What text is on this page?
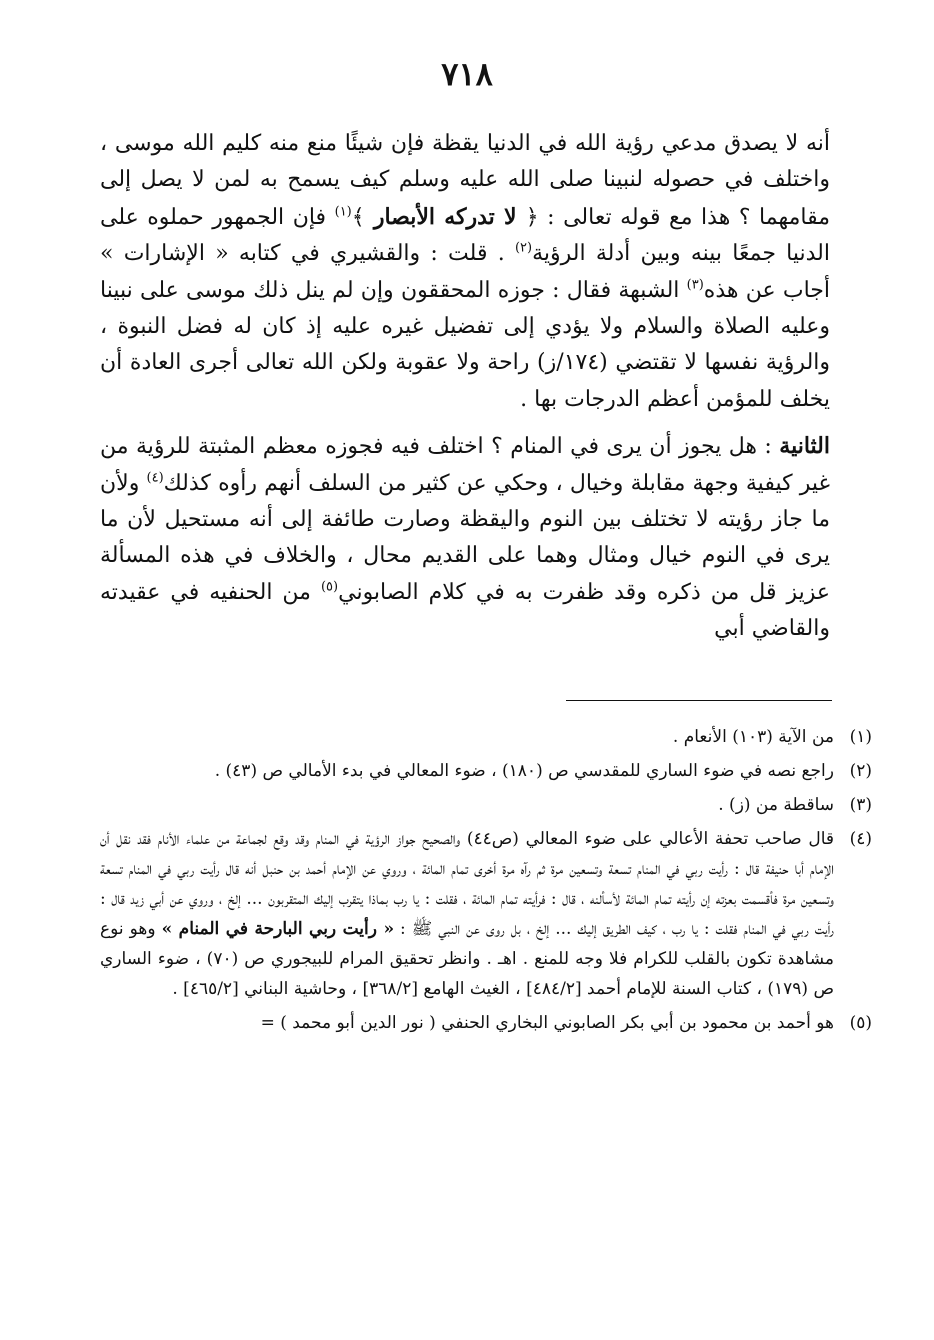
٧١٨

أنه لا يصدق مدعي رؤية الله في الدنيا يقظة فإن شيئًا منع منه كليم الله موسى ، واختلف في حصوله لنبينا صلى الله عليه وسلم كيف يسمح به لمن لا يصل إلى مقامهما ؟ هذا مع قوله تعالى : ﴿ لا تدركه الأبصار ﴾$^{(١)}$ فإن الجمهور حملوه على الدنيا جمعًا بينه وبين أدلة الرؤية$^{(٢)}$ . قلت : والقشيري في كتابه « الإشارات » أجاب عن هذه$^{(٣)}$ الشبهة فقال : جوزه المحققون وإن لم ينل ذلك موسى على نبينا وعليه الصلاة والسلام ولا يؤدي إلى تفضيل غيره عليه إذ كان له فضل النبوة ، والرؤية نفسها لا تقتضي (١٧٤/ز) راحة ولا عقوبة ولكن الله تعالى أجرى العادة أن يخلف للمؤمن أعظم الدرجات بها .

الثانية : هل يجوز أن يرى في المنام ؟ اختلف فيه فجوزه معظم المثبتة للرؤية من غير كيفية وجهة مقابلة وخيال ، وحكي عن كثير من السلف أنهم رأوه كذلك$^{(٤)}$ ولأن ما جاز رؤيته لا تختلف بين النوم واليقظة وصارت طائفة إلى أنه مستحيل لأن ما يرى في النوم خيال ومثال وهما على القديم محال ، والخلاف في هذه المسألة عزيز قل من ذكره وقد ظفرت به في كلام الصابوني$^{(٥)}$ من الحنفيه في عقيدته والقاضي أبي

(١)
من الآية (١٠٣) الأنعام .
(٢)
راجع نصه في ضوء الساري للمقدسي ص (١٨٠) ، ضوء المعالي في بدء الأمالي ص (٤٣) .
(٣)
ساقطة من (ز) .
(٤)
قال صاحب تحفة الأعالي على ضوء المعالي (ص٤٤) والصحيح جواز الرؤية في المنام وقد وقع لجماعة من علماء الأنام فقد نقل أن الإمام أبا حنيفة قال : رأيت ربي في المنام تسعة وتسعين مرة ثم رآه مرة أخرى تمام المائة ، وروي عن الإمام أحمد بن حنبل أنه قال رأيت ربي في المنام تسعة وتسعين مرة فأقسمت بعزته إن رأيته تمام المائة لأسألنه ، قال : فرأيته تمام المائة ، فقلت : يا رب بماذا يتقرب إليك المتقربون ... إلخ ، وروي عن أبي زيد قال : رأيت ربي في المنام فقلت : يا رب ، كيف الطريق إليك ... إلخ ، بل روى عن النبي ﷺ : « رأيت ربي البارحة في المنام » وهو نوع مشاهدة تكون بالقلب للكرام فلا وجه للمنع . اهـ . وانظر تحقيق المرام للبيجوري ص (٧٠) ، ضوء الساري ص (١٧٩) ، كتاب السنة للإمام أحمد [٤٨٤/٢] ، الغيث الهامع [٣٦٨/٢] ، وحاشية البناني [٤٦٥/٢] .
(٥)
هو أحمد بن محمود بن أبي بكر الصابوني البخاري الحنفي ( نور الدين أبو محمد ) =
